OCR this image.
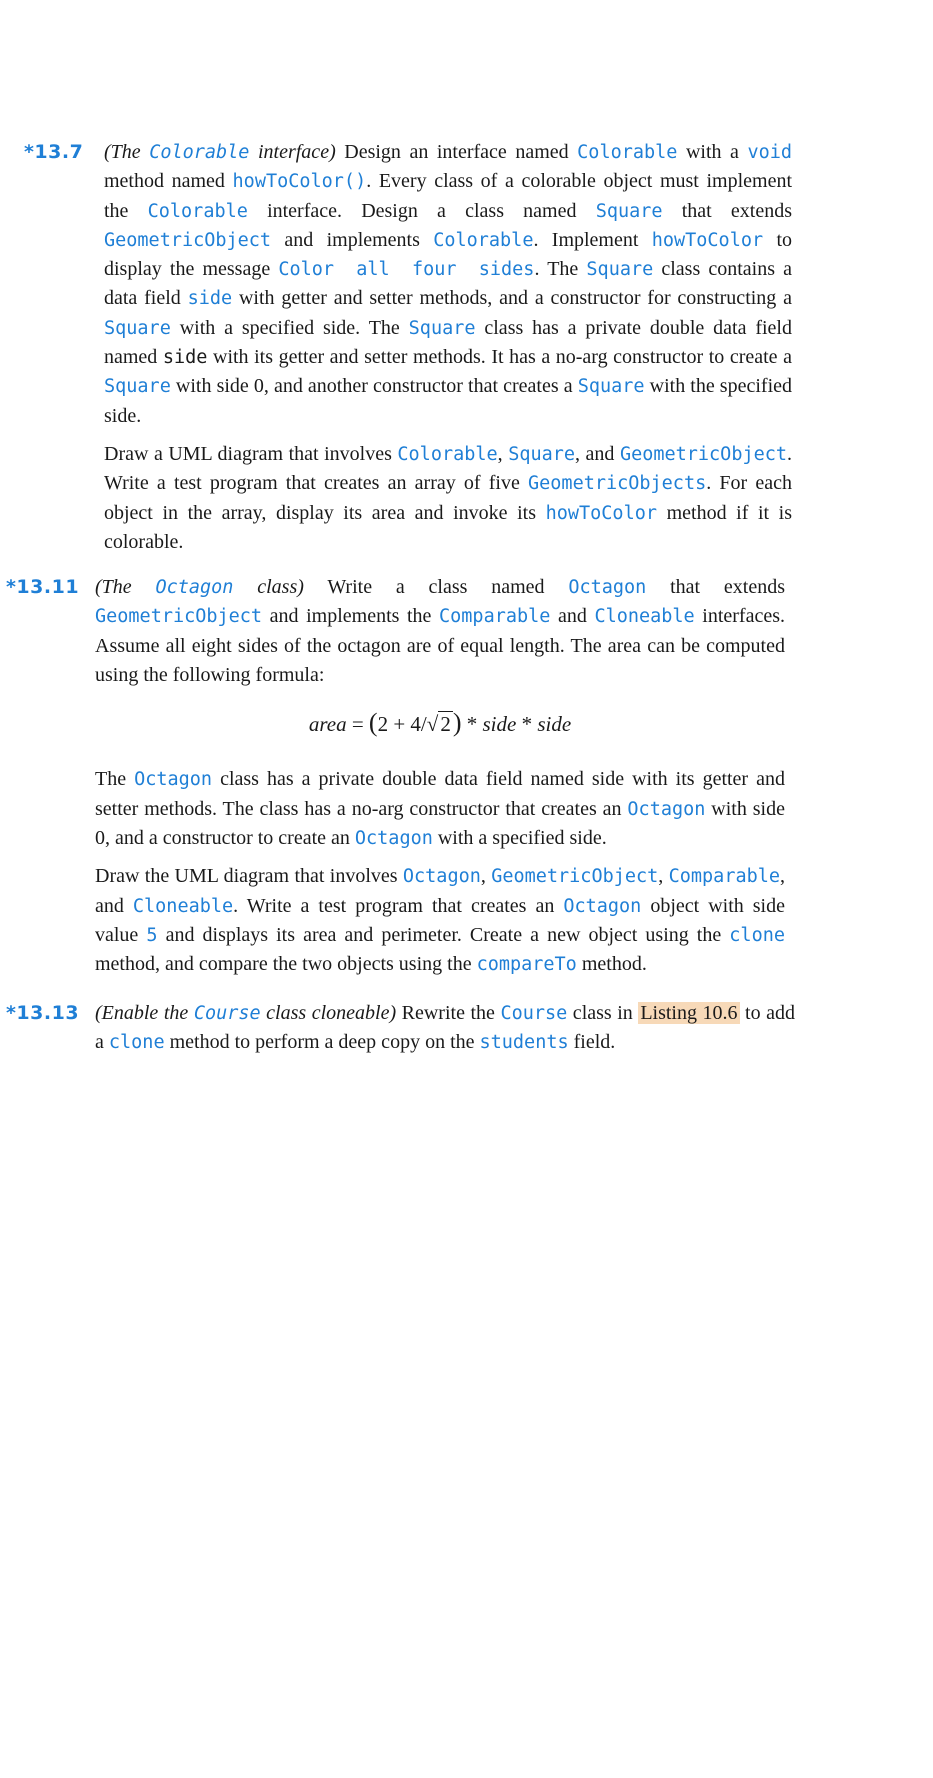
*13.7 (The Colorable interface) Design an interface named Colorable with a void method named howToColor(). Every class of a colorable object must implement the Colorable interface. Design a class named Square that extends GeometricObject and implements Colorable. Implement howToColor to display the message Color all four sides. The Square class contains a data field side with getter and setter methods, and a constructor for constructing a Square with a specified side. The Square class has a private double data field named side with its getter and setter methods. It has a no-arg constructor to create a Square with side 0, and another constructor that creates a Square with the specified side.

Draw a UML diagram that involves Colorable, Square, and GeometricObject. Write a test program that creates an array of five GeometricObjects. For each object in the array, display its area and invoke its howToColor method if it is colorable.

*13.11 (The Octagon class) Write a class named Octagon that extends GeometricObject and implements the Comparable and Cloneable interfaces. Assume all eight sides of the octagon are of equal length. The area can be computed using the following formula:

area = (2 + 4/√2) * side * side

The Octagon class has a private double data field named side with its getter and setter methods. The class has a no-arg constructor that creates an Octagon with side 0, and a constructor to create an Octagon with a specified side.

Draw the UML diagram that involves Octagon, GeometricObject, Comparable, and Cloneable. Write a test program that creates an Octagon object with side value 5 and displays its area and perimeter. Create a new object using the clone method, and compare the two objects using the compareTo method.

*13.13 (Enable the Course class cloneable) Rewrite the Course class in Listing 10.6 to add a clone method to perform a deep copy on the students field.
